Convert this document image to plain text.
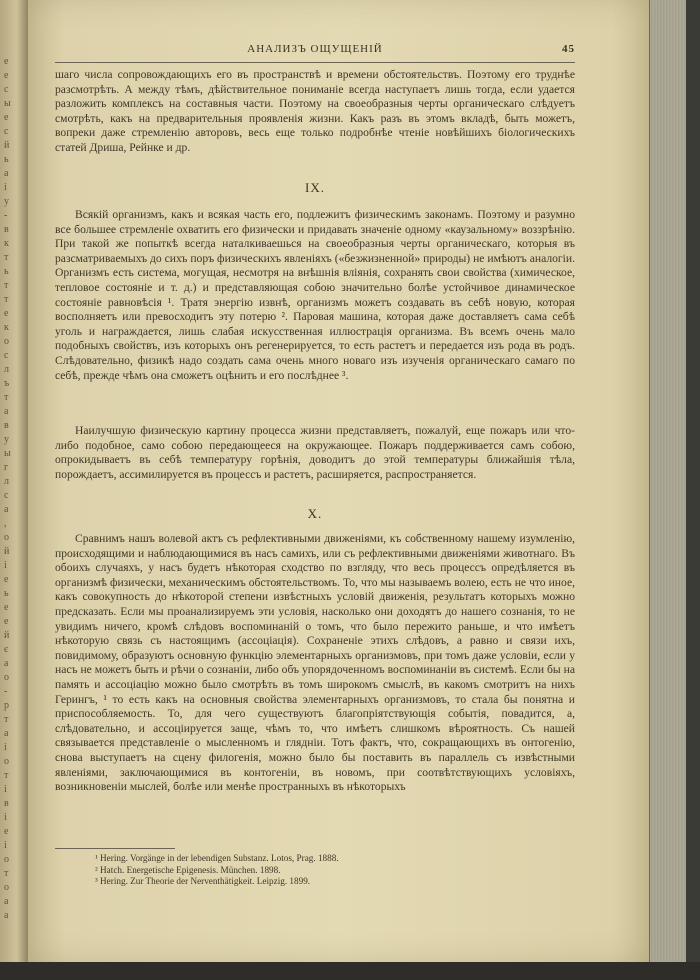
е
е
с
ы
е
с
й
ь
а
і
у
-
в
к
т
ь
т
т
е
к
о
с
л
ъ
т
а
в
у
ы
г
л
с
а
,
о
й
і
е
ь
е
е
й
є
а
о
-
р
т
а
і
о
т
і
в
і
е
і
о
т
о
а
а
АНАЛИЗЪ ОЩУЩЕНІЙ	45

шаго числа сопровождающихъ его въ пространствѣ и времени обстоятельствъ. Поэтому его труднѣе разсмотрѣть. А между тѣмъ, дѣйствительное пониманіе всегда наступаетъ лишь тогда, если удается разложить комплексъ на составныя части. Поэтому на своеобразныя черты органическаго слѣдуетъ смотрѣть, какъ на предварительныя проявленія жизни. Какъ разъ въ этомъ вкладѣ, быть можетъ, вопреки даже стремленію авторовъ, весь еще только подробнѣе чтеніе новѣйшихъ біологическихъ статей Дриша, Рейнке и др.

IX.

Всякій организмъ, какъ и всякая часть его, подлежитъ физическимъ законамъ. Поэтому и разумно все большее стремленіе охватить его физически и придавать значеніе одному «каузальному» воззрѣнію. При такой же попыткѣ всегда наталкиваешься на своеобразныя черты органическаго, которыя въ разсматриваемыхъ до сихъ поръ физическихъ явленіяхъ («безжизненной» природы) не имѣютъ аналогіи. Организмъ есть система, могущая, несмотря на внѣшнія вліянія, сохранять свои свойства (химическое, тепловое состояніе и т. д.) и представляющая собою значительно болѣе устойчивое динамическое состояніе равновѣсія ¹. Тратя энергію извнѣ, организмъ можетъ создавать въ себѣ новую, которая восполняетъ или превосходитъ эту потерю ². Паровая машина, которая даже доставляетъ сама себѣ уголь и награждается, лишь слабая искусственная иллюстрація организма. Въ всемъ очень мало подобныхъ свойствъ, изъ которыхъ онъ регенерируется, то есть растетъ и передается изъ рода въ родъ. Слѣдовательно, физикѣ надо создать сама очень много новаго изъ изученія органическаго самаго по себѣ, прежде чѣмъ она сможетъ оцѣнить и его послѣднее ³.

Наилучшую физическую картину процесса жизни представляетъ, пожалуй, еще пожаръ или что-либо подобное, само собою передающееся на окружающее. Пожаръ поддерживается самъ собою, опрокидываетъ въ себѣ температуру горѣнія, доводитъ до этой температуры ближайшія тѣла, порождаетъ, ассимилируется въ процессъ и растетъ, расширяется, распространяется.

X.

Сравнимъ нашъ волевой актъ съ рефлективными движеніями, къ собственному нашему изумленію, происходящими и наблюдающимися въ насъ самихъ, или съ рефлективными движеніями животнаго. Въ обоихъ случаяхъ, у насъ будетъ нѣкоторая сходство по взгляду, что весь процессъ опредѣляется въ организмѣ физически, механическимъ обстоятельствомъ. То, что мы называемъ волею, есть не что иное, какъ совокупность до нѣкоторой степени извѣстныхъ условій движенія, результатъ которыхъ можно предсказать. Если мы проанализируемъ эти условія, насколько они доходятъ до нашего сознанія, то не увидимъ ничего, кромѣ слѣдовъ воспоминаній о томъ, что было пережито раньше, и что имѣетъ нѣкоторую связь съ настоящимъ (ассоціація). Сохраненіе этихъ слѣдовъ, а равно и связи ихъ, повидимому, образуютъ основную функцію элементарныхъ организмовъ, при томъ даже условіи, если у насъ не можетъ быть и рѣчи о сознаніи, либо объ упорядоченномъ воспоминаніи въ системѣ. Если бы на память и ассоціацію можно было смотрѣть въ томъ широкомъ смыслѣ, въ какомъ смотритъ на нихъ Герингъ, ¹ то есть какъ на основныя свойства элементарныхъ организмовъ, то стала бы понятна и приспособляемость. То, для чего существуютъ благопріятствующія событія, повадится, а, слѣдовательно, и ассоціируется заще, чѣмъ то, что имѣетъ слишкомъ вѣроятность. Съ нашей связывается представленіе о мысленномъ и глядніи. Тотъ фактъ, что, сокращающихъ въ онтогенію, снова выступаетъ на сцену филогенія, можно было бы поставить въ параллель съ извѣстными явленіями, заключающимися въ контогеніи, въ новомъ, при соотвѣтствующихъ условіяхъ, возникновеніи мыслей, болѣе или менѣе пространныхъ въ нѣкоторыхъ

¹ Hering. Vorgänge in der lebendigen Substanz. Lotos, Prag. 1888.
² Hatch. Energetische Epigenesis. München. 1898.
³ Hering. Zur Theorie der Nerventhätigkeit. Leipzig. 1899.
